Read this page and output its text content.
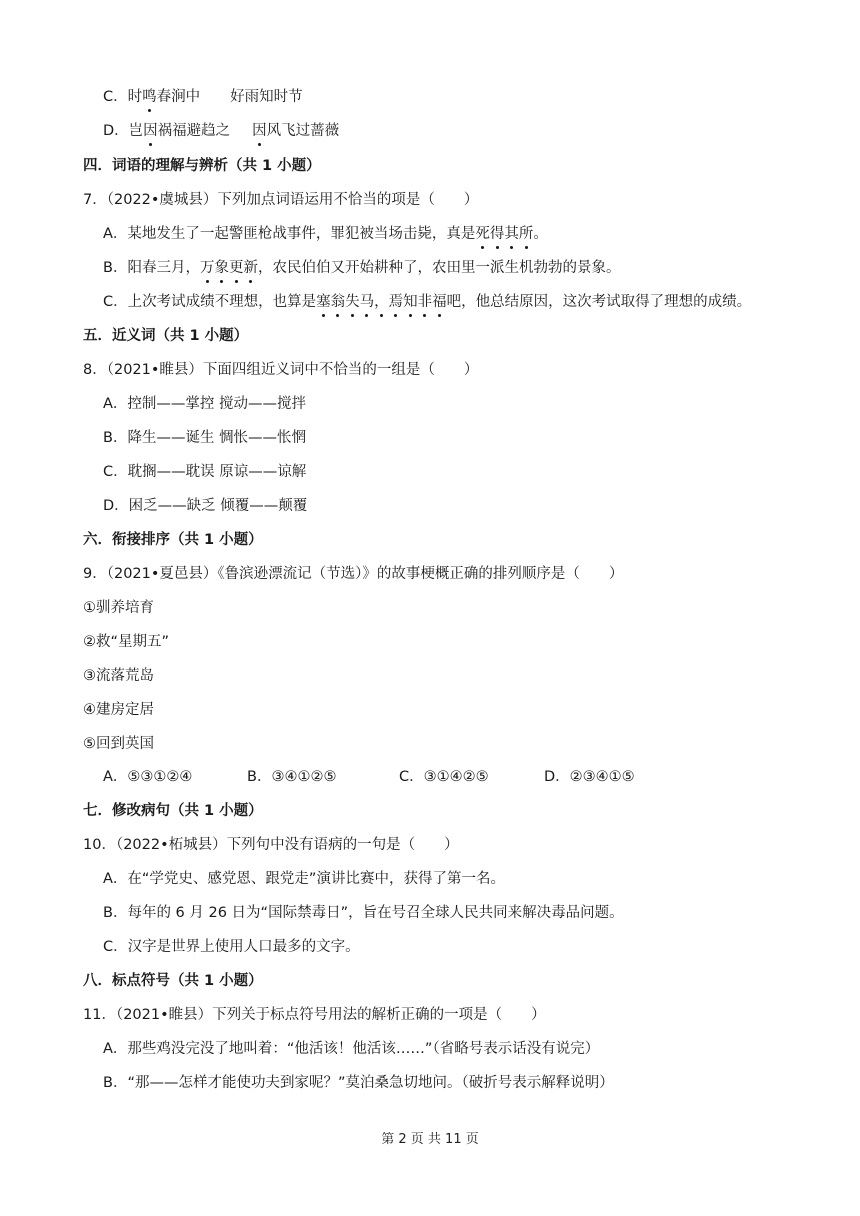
C．时鸣春涧中 好雨知时节
D．岂因祸福避趋之 因风飞过蔷薇
四．词语的理解与辨析（共 1 小题）
7．（2022•虞城县）下列加点词语运用不恰当的项是（　　）
A．某地发生了一起警匪枪战事件，罪犯被当场击毙，真是死得其所。
B．阳春三月，万象更新，农民伯伯又开始耕种了，农田里一派生机勃勃的景象。
C．上次考试成绩不理想，也算是塞翁失马，焉知非福吧，他总结原因，这次考试取得了理想的成绩。
五．近义词（共 1 小题）
8．（2021•睢县）下面四组近义词中不恰当的一组是（　　）
A．控制——掌控 搅动——搅拌
B．降生——诞生 惆怅——怅惘
C．耽搁——耽误 原谅——谅解
D．困乏——缺乏 倾覆——颠覆
六．衔接排序（共 1 小题）
9．（2021•夏邑县）《鲁滨逊漂流记（节选）》的故事梗概正确的排列顺序是（　　）
①驯养培育
②救“星期五”
③流落荒岛
④建房定居
⑤回到英国
A．⑤③①②④	B．③④①②⑤	C．③①④②⑤	D．②③④①⑤
七．修改病句（共 1 小题）
10．（2022•柘城县）下列句中没有语病的一句是（　　）
A．在“学党史、感党恩、跟党走”演讲比赛中，获得了第一名。
B．每年的 6 月 26 日为“国际禁毒日”，旨在号召全球人民共同来解决毒品问题。
C．汉字是世界上使用人口最多的文字。
八．标点符号（共 1 小题）
11．（2021•睢县）下列关于标点符号用法的解析正确的一项是（　　）
A．那些鸡没完没了地叫着：“他活该！他活该……”（省略号表示话没有说完）
B．“那——怎样才能使功夫到家呢？”莫泊桑急切地问。（破折号表示解释说明）
第 2 页 共 11 页
